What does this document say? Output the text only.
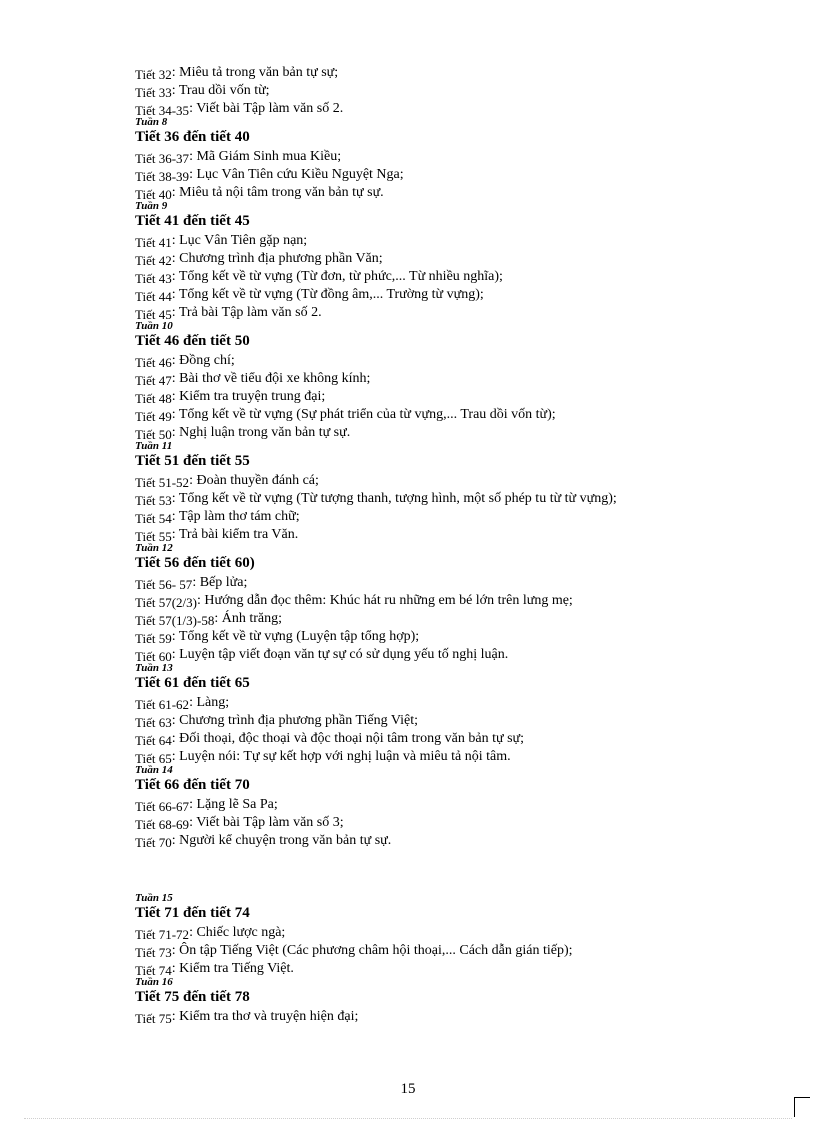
Tiết 32: Miêu tả trong văn bản tự sự;
Tiết 33: Trau dồi vốn từ;
Tiết 34-35: Viết bài Tập làm văn số 2.
Tuần 8
Tiết 36 đến tiết 40
Tiết 36-37: Mã Giám Sinh mua Kiều;
Tiết 38-39: Lục Vân Tiên cứu Kiều Nguyệt Nga;
Tiết 40: Miêu tả nội tâm trong văn bản tự sự.
Tuần 9
Tiết 41 đến tiết 45
Tiết 41: Lục Vân Tiên gặp nạn;
Tiết 42: Chương trình địa phương phần Văn;
Tiết 43: Tổng kết về từ vựng (Từ đơn, từ phức,... Từ nhiều nghĩa);
Tiết 44: Tổng kết về từ vựng (Từ đồng âm,... Trường từ vựng);
Tiết 45: Trả bài Tập làm văn số 2.
Tuần 10
Tiết 46 đến tiết 50
Tiết 46: Đồng chí;
Tiết 47: Bài thơ về tiểu đội xe không kính;
Tiết 48: Kiểm tra truyện trung đại;
Tiết 49: Tổng kết về từ vựng (Sự phát triển của từ vựng,... Trau dồi vốn từ);
Tiết 50: Nghị luận trong văn bản tự sự.
Tuần 11
Tiết 51 đến tiết 55
Tiết 51-52: Đoàn thuyền đánh cá;
Tiết 53: Tổng kết về từ vựng (Từ tượng thanh, tượng hình, một số phép tu từ từ vựng);
Tiết 54: Tập làm thơ tám chữ;
Tiết 55: Trả bài kiểm tra Văn.
Tuần 12
Tiết 56 đến tiết 60)
Tiết 56- 57: Bếp lửa;
Tiết 57(2/3): Hướng dẫn đọc thêm: Khúc hát ru những em bé lớn trên lưng mẹ;
Tiết 57(1/3)-58: Ánh trăng;
Tiết 59: Tổng kết về từ vựng (Luyện tập tổng hợp);
Tiết 60: Luyện tập viết đoạn văn tự sự có sử dụng yếu tố nghị luận.
Tuần 13
Tiết 61 đến tiết 65
Tiết 61-62: Làng;
Tiết 63: Chương trình địa phương phần Tiếng Việt;
Tiết 64: Đối thoại, độc thoại và độc thoại nội tâm trong văn bản tự sự;
Tiết 65: Luyện nói: Tự sự kết hợp với nghị luận và miêu tả nội tâm.
Tuần 14
Tiết 66 đến tiết 70
Tiết 66-67: Lặng lẽ Sa Pa;
Tiết 68-69: Viết bài Tập làm văn số 3;
Tiết 70: Người kể chuyện trong văn bản tự sự.
Tuần 15
Tiết 71 đến tiết 74
Tiết 71-72: Chiếc lược ngà;
Tiết 73: Ôn tập Tiếng Việt (Các phương châm hội thoại,... Cách dẫn gián tiếp);
Tiết 74: Kiểm tra Tiếng Việt.
Tuần 16
Tiết 75 đến tiết 78
Tiết 75: Kiểm tra thơ và truyện hiện đại;
15
